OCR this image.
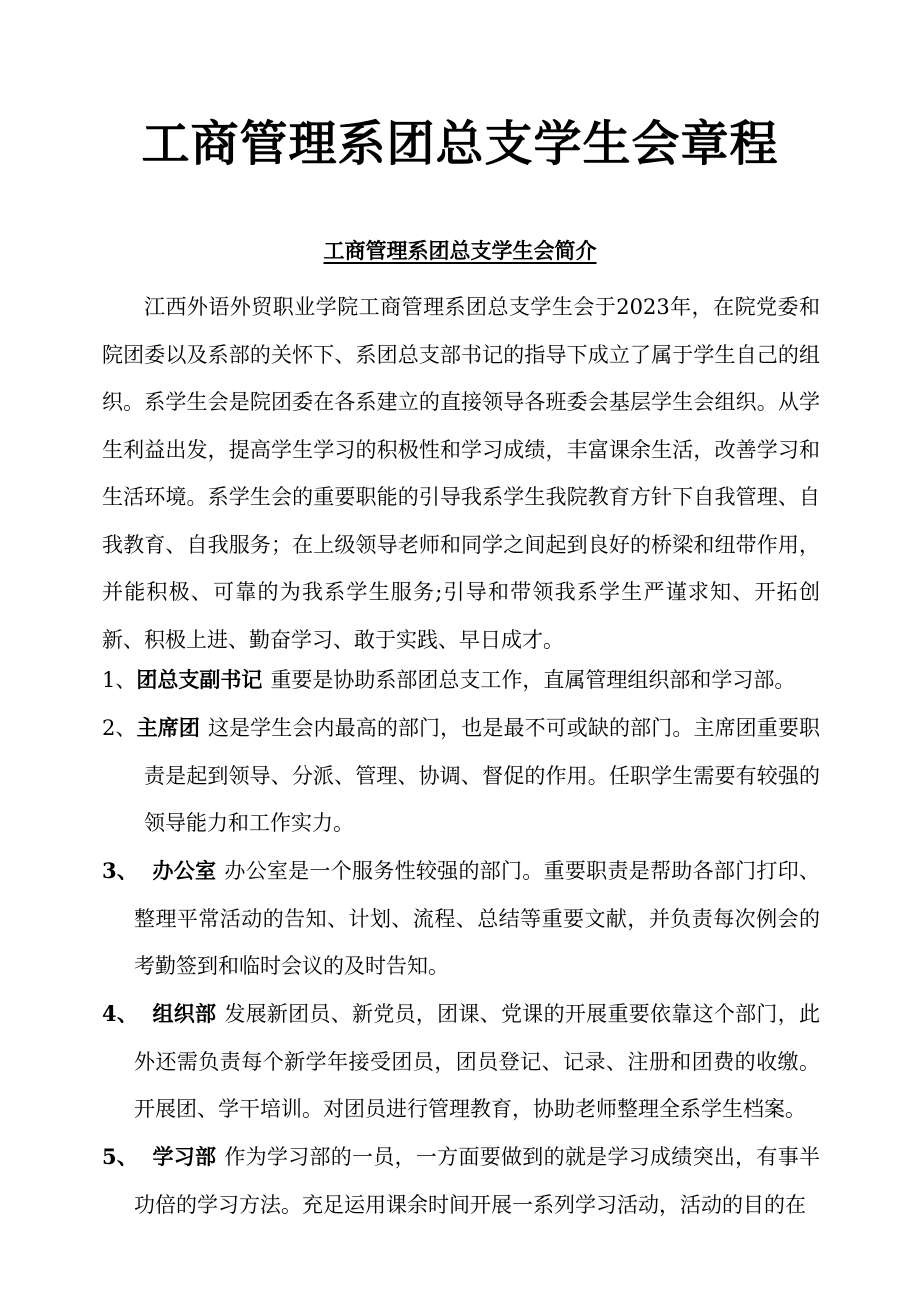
工商管理系团总支学生会章程
工商管理系团总支学生会简介

江西外语外贸职业学院工商管理系团总支学生会于2023年，在院党委和院团委以及系部的关怀下、系团总支部书记的指导下成立了属于学生自己的组织。系学生会是院团委在各系建立的直接领导各班委会基层学生会组织。从学生利益出发，提高学生学习的积极性和学习成绩，丰富课余生活，改善学习和生活环境。系学生会的重要职能的引导我系学生我院教育方针下自我管理、自我教育、自我服务；在上级领导老师和同学之间起到良好的桥梁和纽带作用，并能积极、可靠的为我系学生服务;引导和带领我系学生严谨求知、开拓创新、积极上进、勤奋学习、敢于实践、早日成才。

1、团总支副书记 重要是协助系部团总支工作，直属管理组织部和学习部。

2、主席团 这是学生会内最高的部门，也是最不可或缺的部门。主席团重要职责是起到领导、分派、管理、协调、督促的作用。任职学生需要有较强的领导能力和工作实力。

3、 办公室 办公室是一个服务性较强的部门。重要职责是帮助各部门打印、整理平常活动的告知、计划、流程、总结等重要文献，并负责每次例会的考勤签到和临时会议的及时告知。

4、 组织部 发展新团员、新党员，团课、党课的开展重要依靠这个部门，此外还需负责每个新学年接受团员，团员登记、记录、注册和团费的收缴。开展团、学干培训。对团员进行管理教育，协助老师整理全系学生档案。

5、 学习部 作为学习部的一员，一方面要做到的就是学习成绩突出，有事半功倍的学习方法。充足运用课余时间开展一系列学习活动，活动的目的在
